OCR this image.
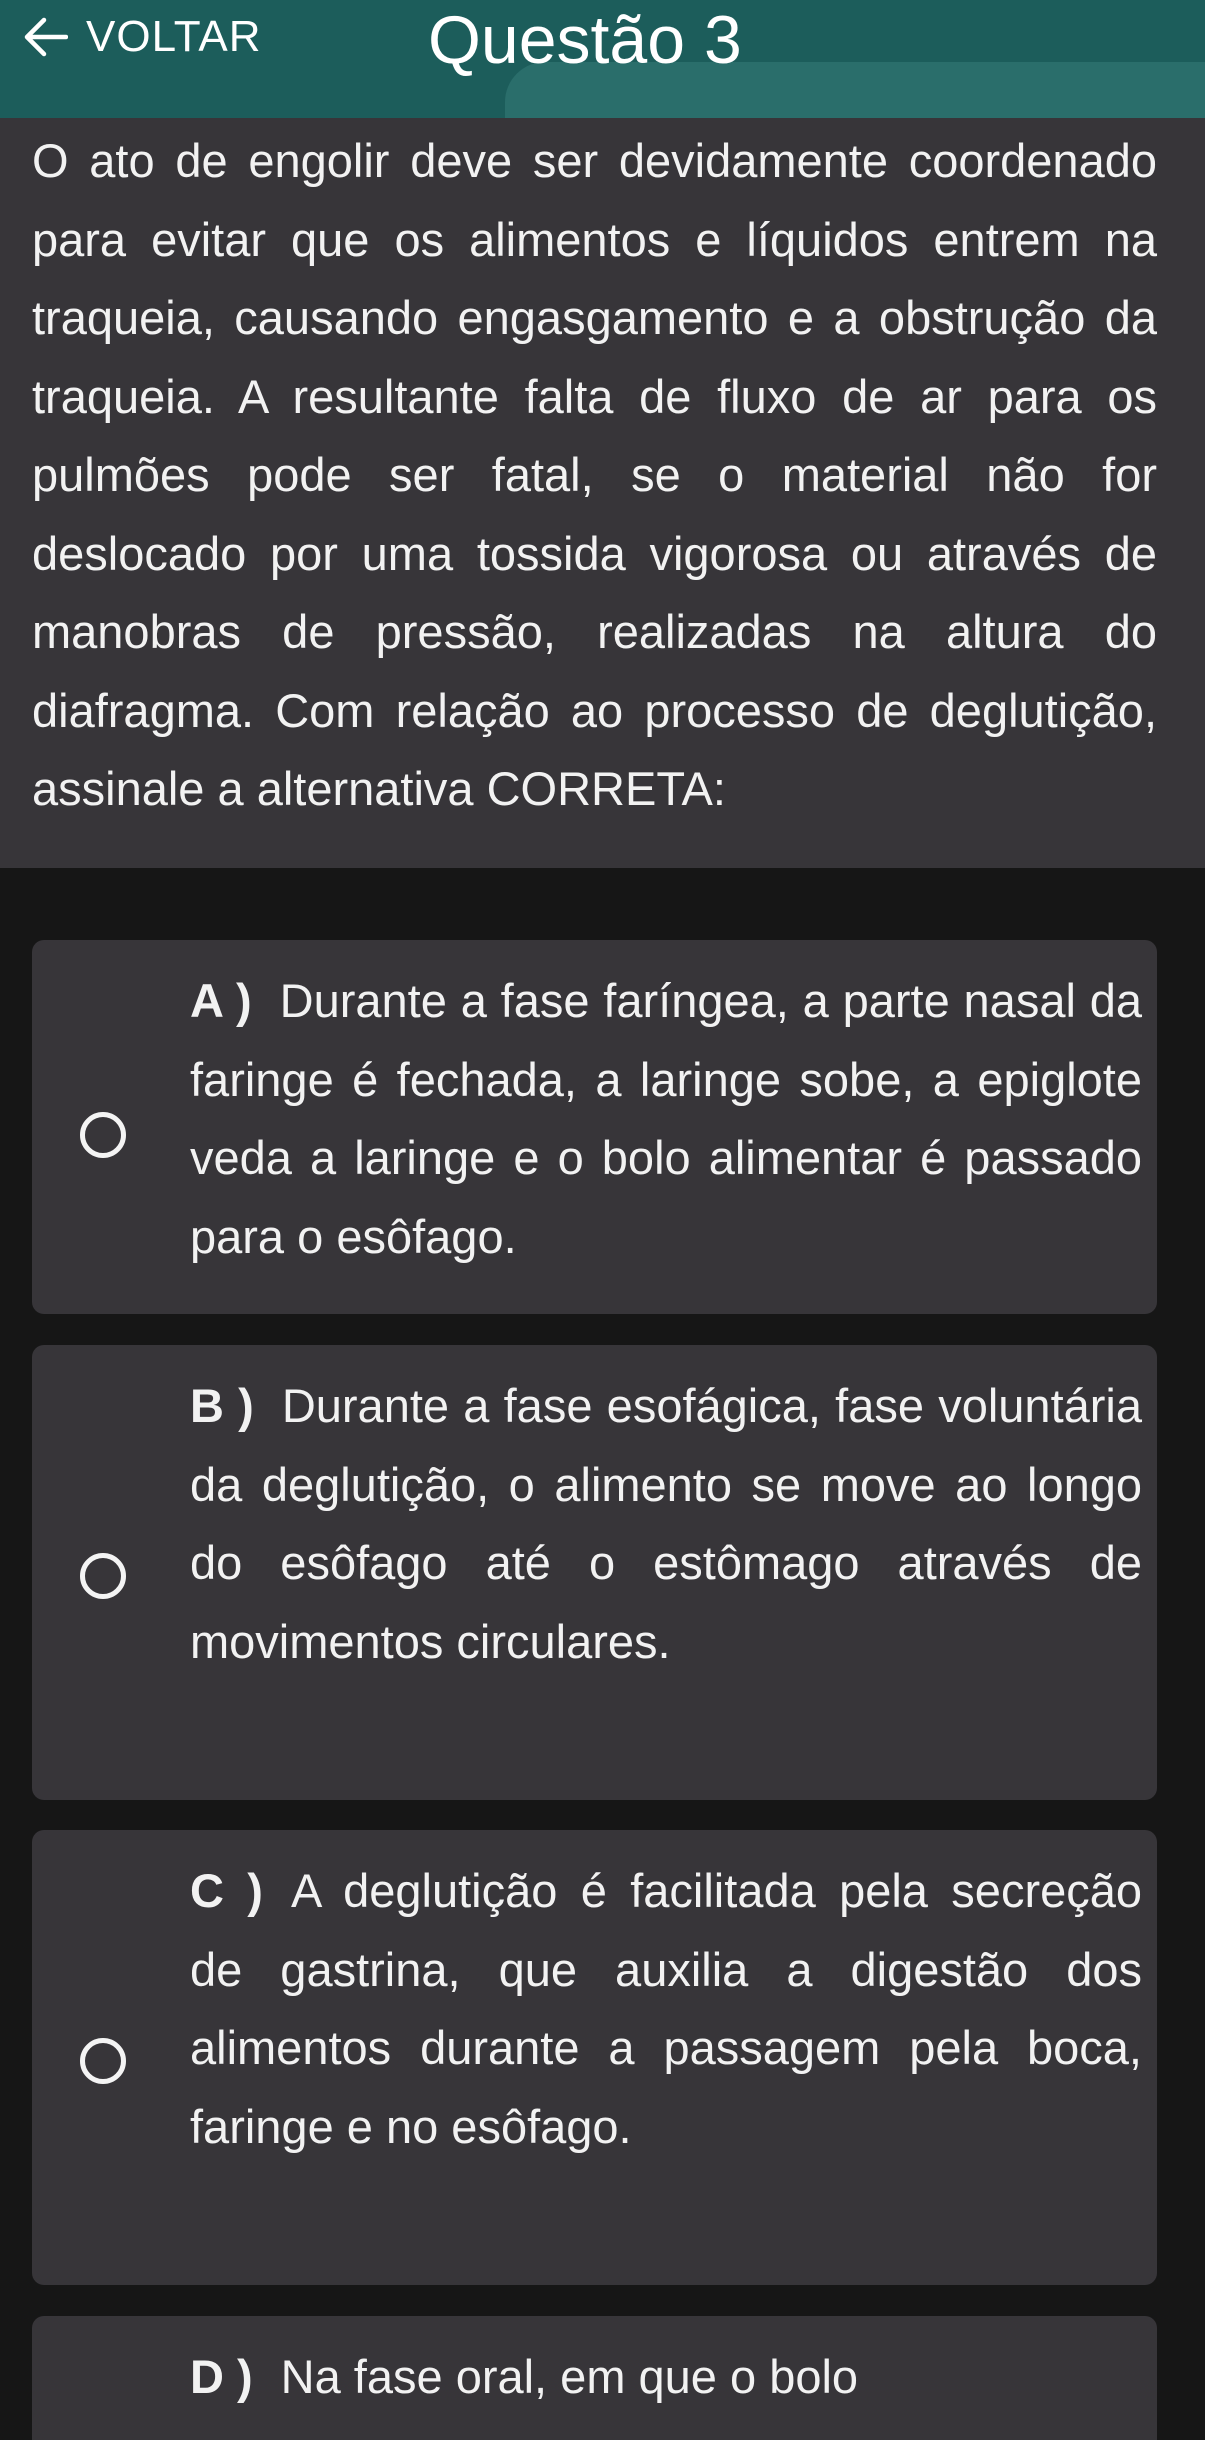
VOLTAR Questão 3

O ato de engolir deve ser devidamente coordenado para evitar que os alimentos e líquidos entrem na traqueia, causando engasgamento e a obstrução da traqueia. A resultante falta de fluxo de ar para os pulmões pode ser fatal, se o material não for deslocado por uma tossida vigorosa ou através de manobras de pressão, realizadas na altura do diafragma. Com relação ao processo de deglutição, assinale a alternativa CORRETA:

A ) Durante a fase faríngea, a parte nasal da faringe é fechada, a laringe sobe, a epiglote veda a laringe e o bolo alimentar é passado para o esôfago.

B ) Durante a fase esofágica, fase voluntária da deglutição, o alimento se move ao longo do esôfago até o estômago através de movimentos circulares.

C ) A deglutição é facilitada pela secreção de gastrina, que auxilia a digestão dos alimentos durante a passagem pela boca, faringe e no esôfago.

D ) Na fase oral, em que o bolo
